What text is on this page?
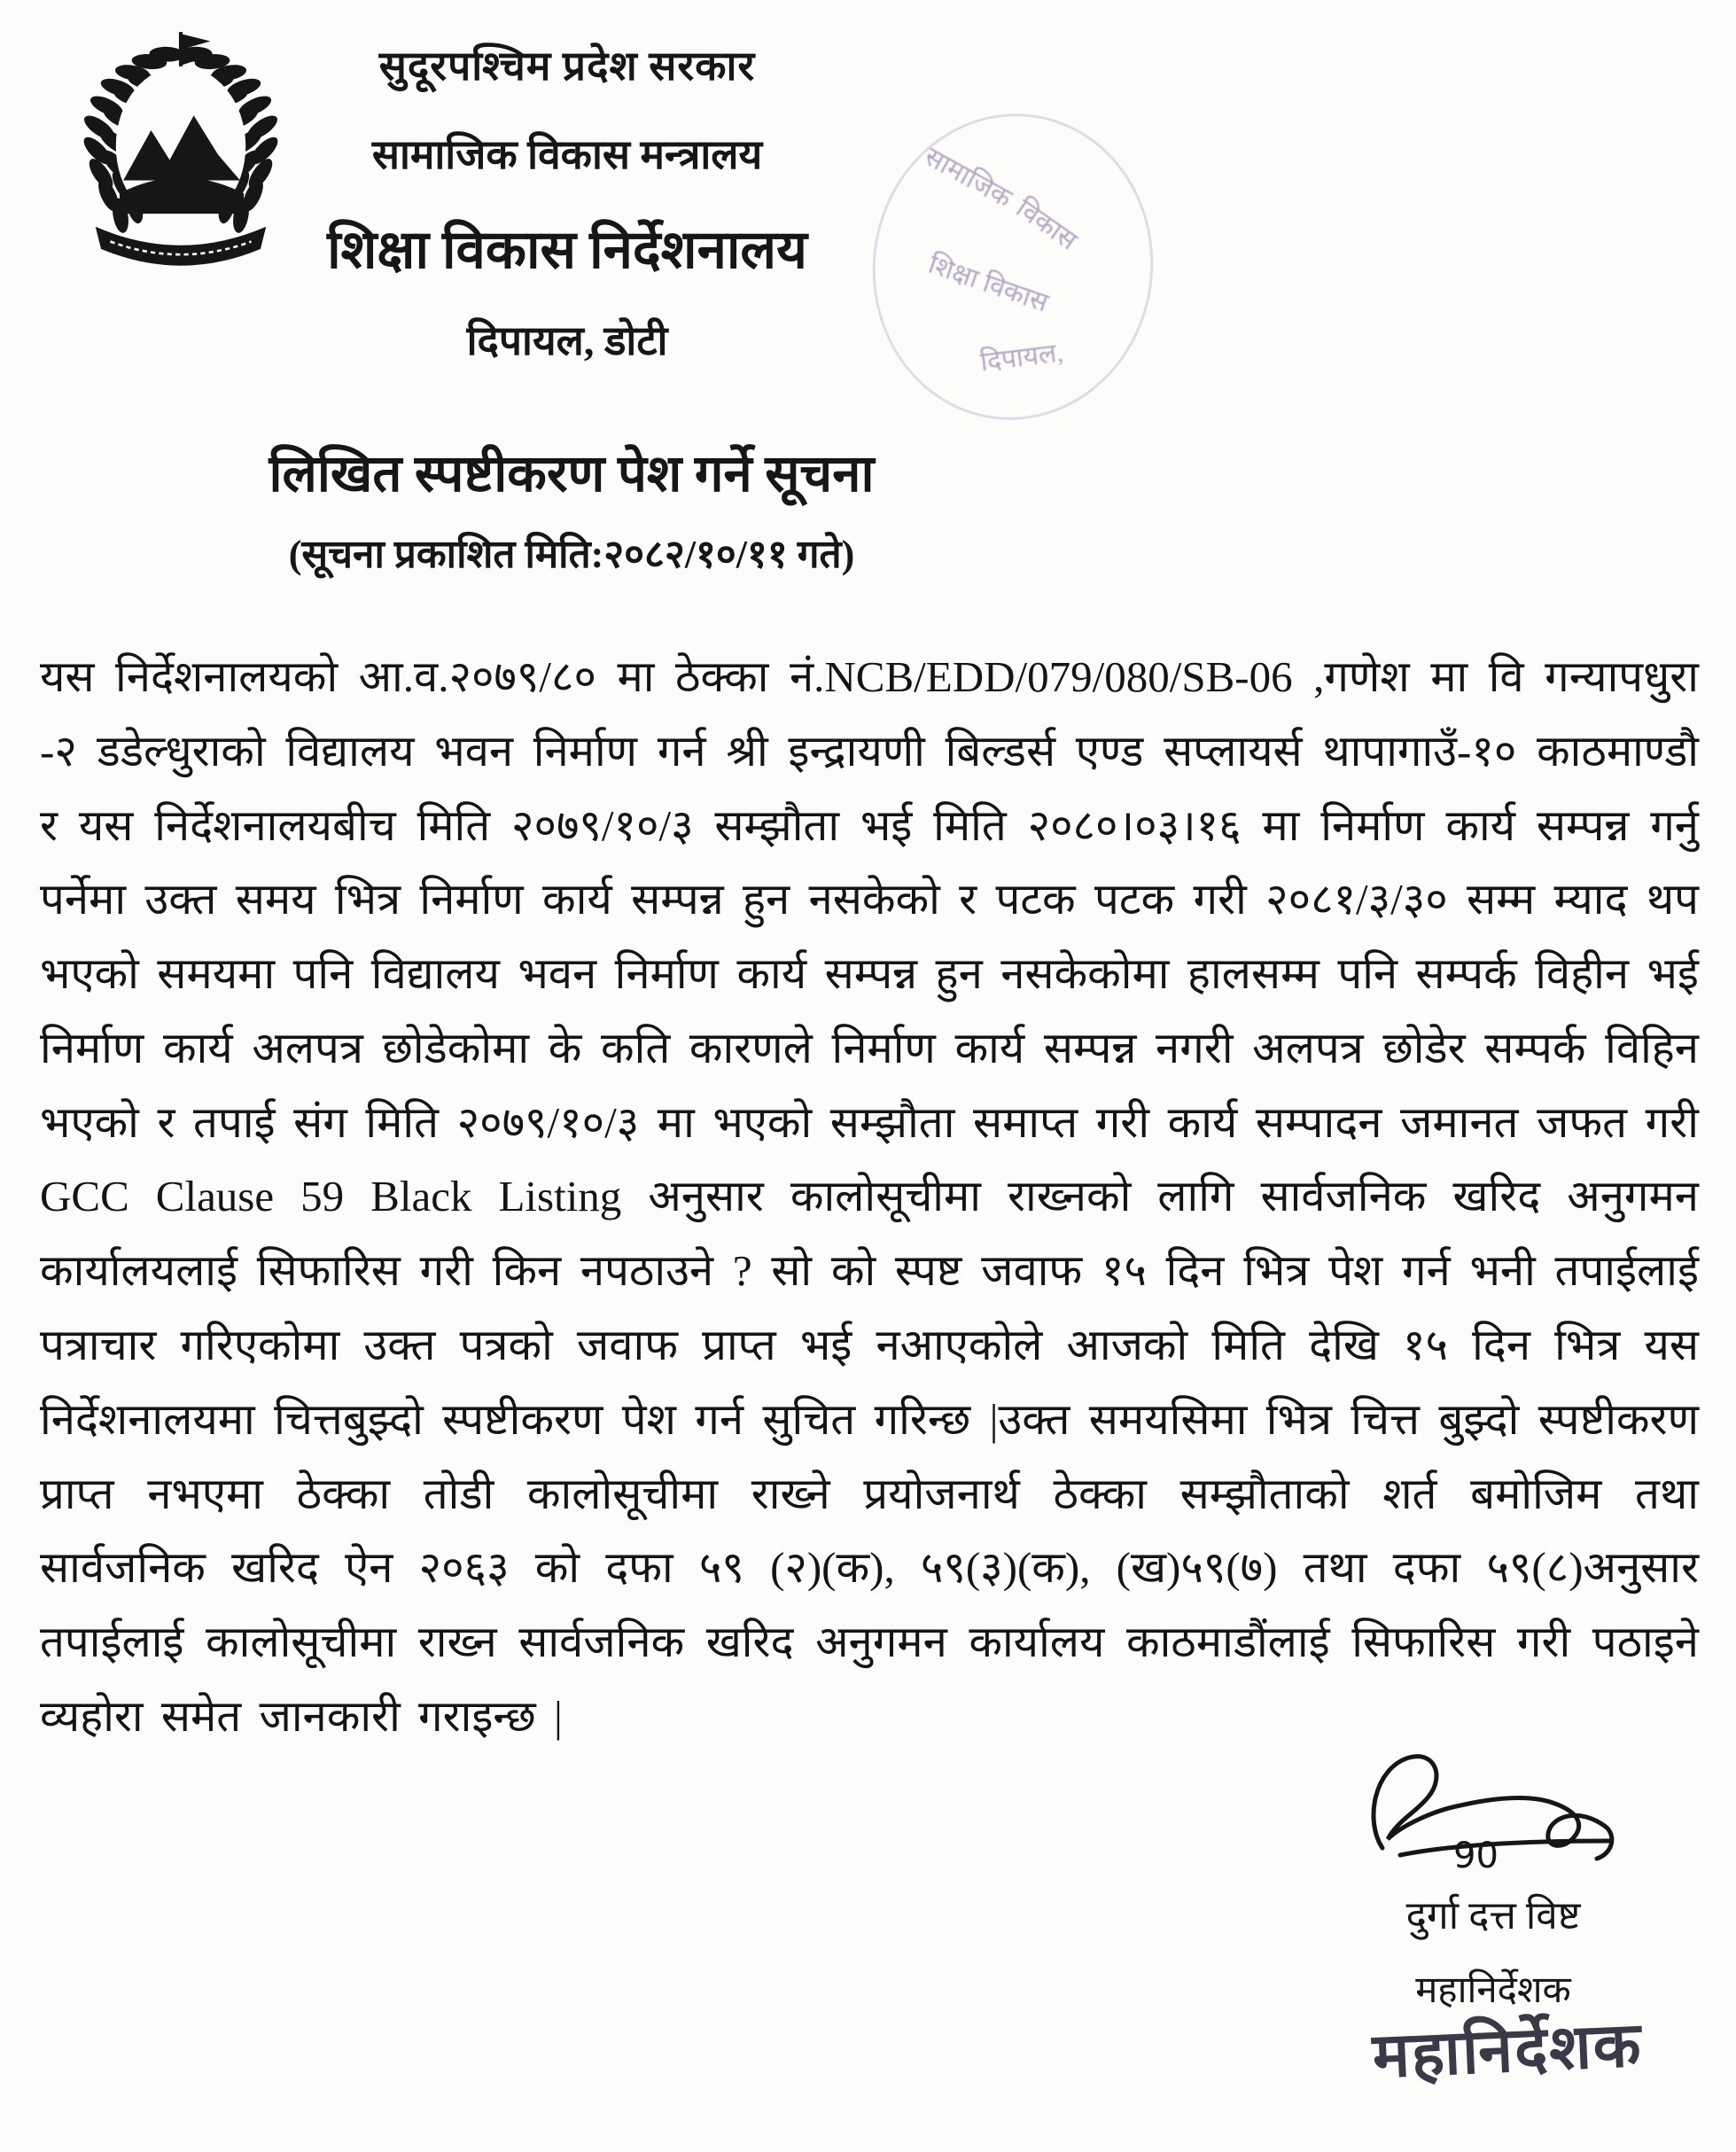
सामाजिक
विकास
शिक्षा विकास
दिपायल,
सुदूरपश्चिम प्रदेश सरकार
सामाजिक विकास मन्त्रालय
शिक्षा विकास निर्देशनालय
दिपायल, डोटी
लिखित स्पष्टीकरण पेश गर्ने सूचना
(सूचना प्रकाशित मिति:२०८२/१०/११ गते)
यस निर्देशनालयको आ.व.२०७९/८० मा ठेक्का नं.NCB/EDD/079/080/SB-06 ,गणेश मा वि गन्यापधुरा -२ डडेल्धुराको विद्यालय भवन निर्माण गर्न श्री इन्द्रायणी बिल्डर्स एण्ड सप्लायर्स थापागाउँ-१० काठमाण्डौ र यस निर्देशनालयबीच मिति २०७९/१०/३ सम्झौता भई मिति २०८०।०३।१६ मा निर्माण कार्य सम्पन्न गर्नु पर्नेमा उक्त समय भित्र निर्माण कार्य सम्पन्न हुन नसकेको र पटक पटक गरी २०८१/३/३० सम्म म्याद थप भएको समयमा पनि विद्यालय भवन निर्माण कार्य सम्पन्न हुन नसकेकोमा हालसम्म पनि सम्पर्क विहीन भई निर्माण कार्य अलपत्र छोडेकोमा के कति कारणले निर्माण कार्य सम्पन्न नगरी अलपत्र छोडेर सम्पर्क विहिन भएको र तपाई संग मिति २०७९/१०/३ मा भएको सम्झौता समाप्त गरी कार्य सम्पादन जमानत जफत गरी GCC Clause 59 Black Listing अनुसार कालोसूचीमा राख्नको लागि सार्वजनिक खरिद अनुगमन कार्यालयलाई सिफारिस गरी किन नपठाउने ? सो को स्पष्ट जवाफ १५ दिन भित्र पेश गर्न भनी तपाईलाई पत्राचार गरिएकोमा उक्त पत्रको जवाफ प्राप्त भई नआएकोले आजको मिति देखि १५ दिन भित्र यस निर्देशनालयमा चित्तबुझ्दो स्पष्टीकरण पेश गर्न सुचित गरिन्छ |उक्त समयसिमा भित्र चित्त बुझ्दो स्पष्टीकरण प्राप्त नभएमा ठेक्का तोडी कालोसूचीमा राख्ने प्रयोजनार्थ ठेक्का सम्झौताको शर्त बमोजिम तथा सार्वजनिक खरिद ऐन २०६३ को दफा ५९ (२)(क), ५९(३)(क), (ख)५९(७) तथा दफा ५९(८)अनुसार तपाईलाई कालोसूचीमा राख्न सार्वजनिक खरिद अनुगमन कार्यालय काठमाडौंलाई सिफारिस गरी पठाइने व्यहोरा समेत जानकारी गराइन्छ |
90
दुर्गा दत्त विष्ट
महानिर्देशक
महानिर्देशक
